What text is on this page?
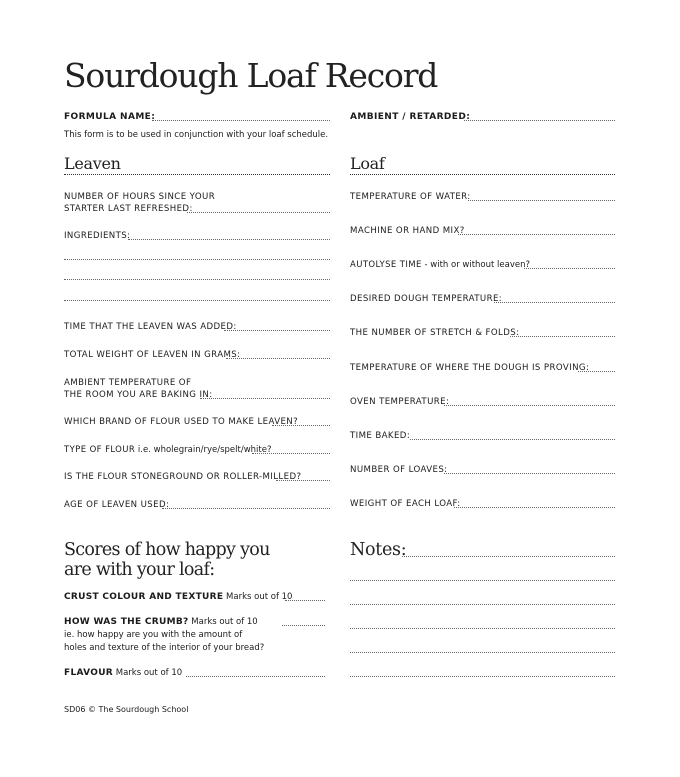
Sourdough Loaf Record
FORMULA NAME:	AMBIENT / RETARDED:
This form is to be used in conjunction with your loaf schedule.
Leaven	Loaf
NUMBER OF HOURS SINCE YOUR
STARTER LAST REFRESHED:
INGREDIENTS:
TIME THAT THE LEAVEN WAS ADDED:
TOTAL WEIGHT OF LEAVEN IN GRAMS:
AMBIENT TEMPERATURE OF
THE ROOM YOU ARE BAKING IN:
WHICH BRAND OF FLOUR USED TO MAKE LEAVEN?
TYPE OF FLOUR i.e. wholegrain/rye/spelt/white?
IS THE FLOUR STONEGROUND OR ROLLER-MILLED?
AGE OF LEAVEN USED:
TEMPERATURE OF WATER:
MACHINE OR HAND MIX?
AUTOLYSE TIME - with or without leaven?
DESIRED DOUGH TEMPERATURE:
THE NUMBER OF STRETCH & FOLDS:
TEMPERATURE OF WHERE THE DOUGH IS PROVING:
OVEN TEMPERATURE:
TIME BAKED:
NUMBER OF LOAVES:
WEIGHT OF EACH LOAF:
Scores of how happy you
are with your loaf:
CRUST COLOUR AND TEXTURE Marks out of 10
HOW WAS THE CRUMB? Marks out of 10
ie. how happy are you with the amount of
holes and texture of the interior of your bread?
FLAVOUR Marks out of 10
Notes:
SD06 © The Sourdough School
